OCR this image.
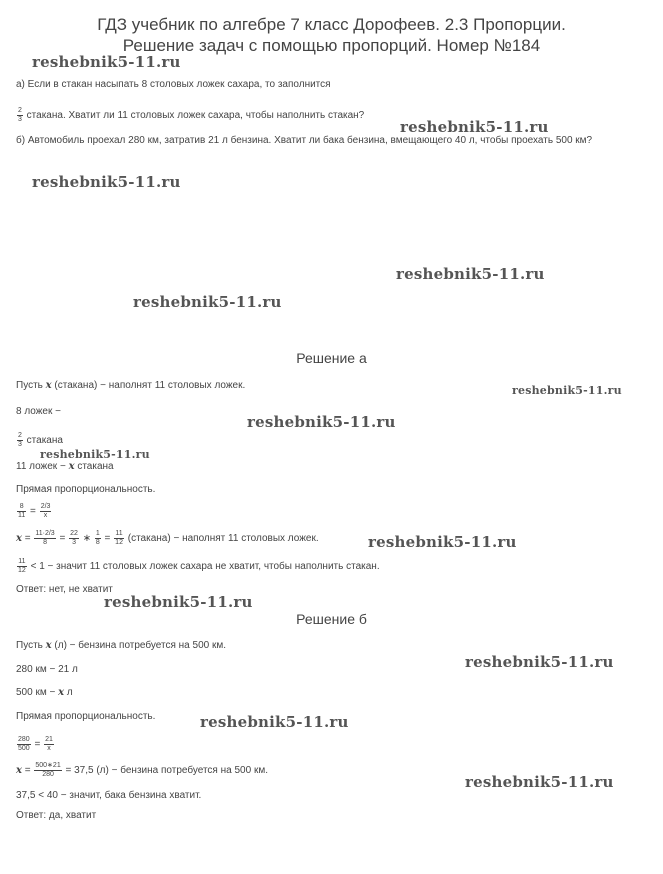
ГДЗ учебник по алгебре 7 класс Дорофеев. 2.3 Пропорции.
Решение задач с помощью пропорций. Номер №184
reshebnik5-11.ru
reshebnik5-11.ru
reshebnik5-11.ru
reshebnik5-11.ru
reshebnik5-11.ru
reshebnik5-11.ru
reshebnik5-11.ru
reshebnik5-11.ru
reshebnik5-11.ru
reshebnik5-11.ru
reshebnik5-11.ru
reshebnik5-11.ru
reshebnik5-11.ru
а) Если в стакан насыпать 8 столовых ложек сахара, то заполнится
$\frac{2}{3}$ стакана. Хватит ли 11 столовых ложек сахара, чтобы наполнить стакан?
б) Автомобиль проехал 280 км, затратив 21 л бензина. Хватит ли бака бензина, вмещающего 40 л, чтобы проехать 500 км?
Решение а
Пусть x (стакана) − наполнят 11 столовых ложек.
8 ложек −
$\frac{2}{3}$ стакана
11 ложек − x стакана
Прямая пропорциональность.
$\frac{8}{11} = \frac{2/3}{x}$
$x = \frac{11\cdot 2/3}{8} = \frac{22}{3}$ ∗ $\frac{1}{8} = \frac{11}{12}$ (стакана) − наполнят 11 столовых ложек.
$\frac{11}{12} < 1$ − значит 11 столовых ложек сахара не хватит, чтобы наполнить стакан.
Ответ: нет, не хватит
Решение б
Пусть x (л) − бензина потребуется на 500 км.
280 км − 21 л
500 км − x л
Прямая пропорциональность.
$\frac{280}{500} = \frac{21}{x}$
$x = \frac{500∗21}{280} = 37,5$ (л) − бензина потребуется на 500 км.
37,5 < 40 − значит, бака бензина хватит.
Ответ: да, хватит
